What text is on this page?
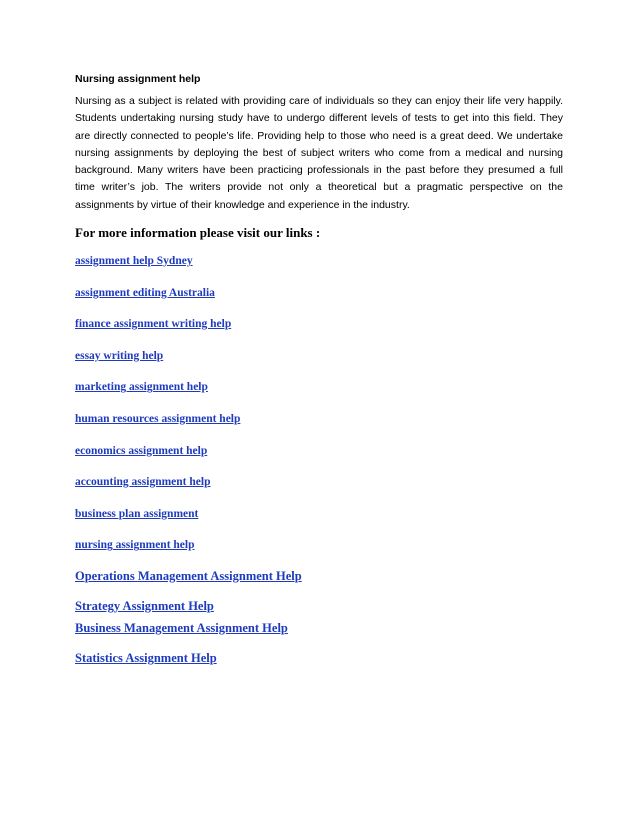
Nursing assignment help

Nursing as a subject is related with providing care of individuals so they can enjoy their life very happily. Students undertaking nursing study have to undergo different levels of tests to get into this field. They are directly connected to people’s life. Providing help to those who need is a great deed. We undertake nursing assignments by deploying the best of subject writers who come from a medical and nursing background. Many writers have been practicing professionals in the past before they presumed a full time writer’s job. The writers provide not only a theoretical but a pragmatic perspective on the assignments by virtue of their knowledge and experience in the industry.

For more information please visit our links :

assignment help Sydney
assignment editing Australia
finance assignment writing help
essay writing help
marketing assignment help
human resources assignment help
economics assignment help
accounting assignment help
business plan assignment
nursing assignment help
Operations Management Assignment Help
Strategy Assignment Help
Business Management Assignment Help
Statistics Assignment Help
